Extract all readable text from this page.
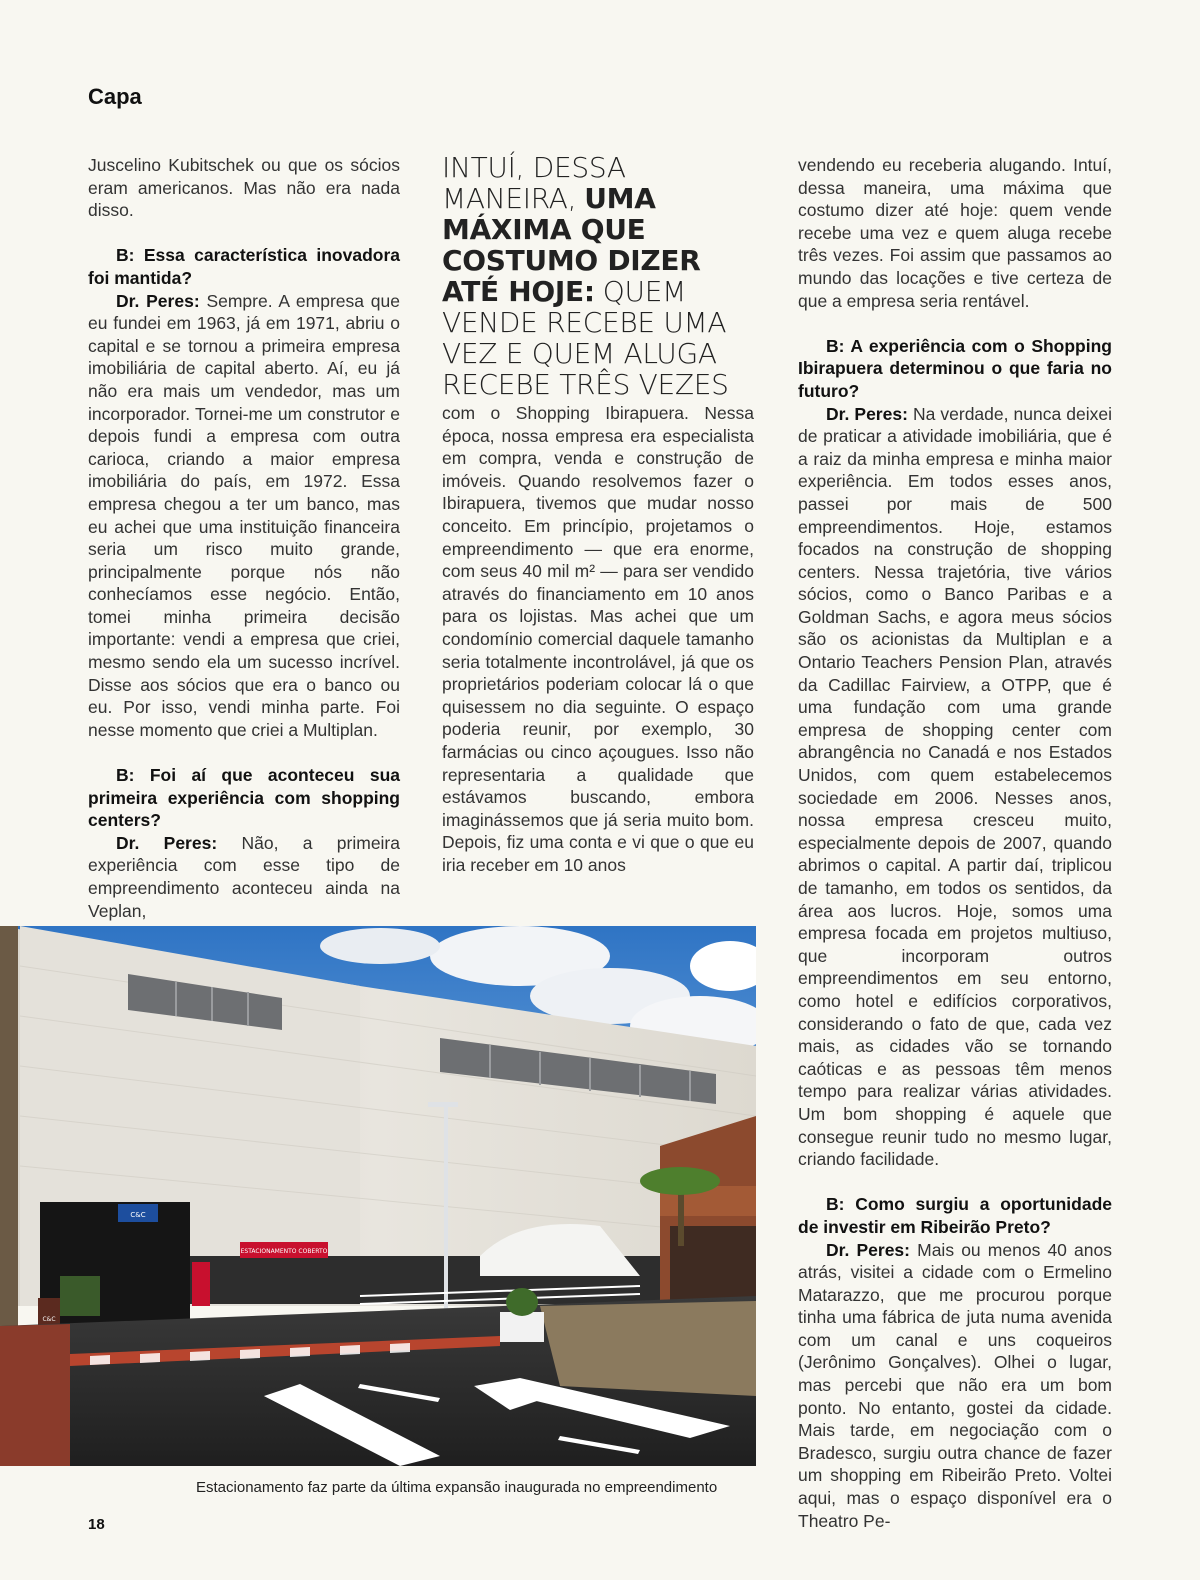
Capa

Juscelino Kubitschek ou que os sócios eram americanos. Mas não era nada disso.

B: Essa característica inovadora foi mantida?

Dr. Peres: Sempre. A empresa que eu fundei em 1963, já em 1971, abriu o capital e se tornou a primeira empresa imobiliária de capital aberto. Aí, eu já não era mais um vendedor, mas um incorporador. Tornei-me um construtor e depois fundi a empresa com outra carioca, criando a maior empresa imobiliária do país, em 1972. Essa empresa chegou a ter um banco, mas eu achei que uma instituição financeira seria um risco muito grande, principalmente porque nós não conhecíamos esse negócio. Então, tomei minha primeira decisão importante: vendi a empresa que criei, mesmo sendo ela um sucesso incrível. Disse aos sócios que era o banco ou eu. Por isso, vendi minha parte. Foi nesse momento que criei a Multiplan.

B: Foi aí que aconteceu sua primeira experiência com shopping centers?

Dr. Peres: Não, a primeira experiência com esse tipo de empreendimento aconteceu ainda na Veplan,

INTUÍ, DESSA MANEIRA, UMA MÁXIMA QUE COSTUMO DIZER ATÉ HOJE: QUEM VENDE RECEBE UMA VEZ E QUEM ALUGA RECEBE TRÊS VEZES

com o Shopping Ibirapuera. Nessa época, nossa empresa era especialista em compra, venda e construção de imóveis. Quando resolvemos fazer o Ibirapuera, tivemos que mudar nosso conceito. Em princípio, projetamos o empreendimento — que era enorme, com seus 40 mil m² — para ser vendido através do financiamento em 10 anos para os lojistas. Mas achei que um condomínio comercial daquele tamanho seria totalmente incontrolável, já que os proprietários poderiam colocar lá o que quisessem no dia seguinte. O espaço poderia reunir, por exemplo, 30 farmácias ou cinco açougues. Isso não representaria a qualidade que estávamos buscando, embora imaginássemos que já seria muito bom. Depois, fiz uma conta e vi que o que eu iria receber em 10 anos

vendendo eu receberia alugando. Intuí, dessa maneira, uma máxima que costumo dizer até hoje: quem vende recebe uma vez e quem aluga recebe três vezes. Foi assim que passamos ao mundo das locações e tive certeza de que a empresa seria rentável.

B: A experiência com o Shopping Ibirapuera determinou o que faria no futuro?

Dr. Peres: Na verdade, nunca deixei de praticar a atividade imobiliária, que é a raiz da minha empresa e minha maior experiência. Em todos esses anos, passei por mais de 500 empreendimentos. Hoje, estamos focados na construção de shopping centers. Nessa trajetória, tive vários sócios, como o Banco Paribas e a Goldman Sachs, e agora meus sócios são os acionistas da Multiplan e a Ontario Teachers Pension Plan, através da Cadillac Fairview, a OTPP, que é uma fundação com uma grande empresa de shopping center com abrangência no Canadá e nos Estados Unidos, com quem estabelecemos sociedade em 2006. Nesses anos, nossa empresa cresceu muito, especialmente depois de 2007, quando abrimos o capital. A partir daí, triplicou de tamanho, em todos os sentidos, da área aos lucros. Hoje, somos uma empresa focada em projetos multiuso, que incorporam outros empreendimentos em seu entorno, como hotel e edifícios corporativos, considerando o fato de que, cada vez mais, as cidades vão se tornando caóticas e as pessoas têm menos tempo para realizar várias atividades. Um bom shopping é aquele que consegue reunir tudo no mesmo lugar, criando facilidade.

B: Como surgiu a oportunidade de investir em Ribeirão Preto?

Dr. Peres: Mais ou menos 40 anos atrás, visitei a cidade com o Ermelino Matarazzo, que me procurou porque tinha uma fábrica de juta numa avenida com um canal e uns coqueiros (Jerônimo Gonçalves). Olhei o lugar, mas percebi que não era um bom ponto. No entanto, gostei da cidade. Mais tarde, em negociação com o Bradesco, surgiu outra chance de fazer um shopping em Ribeirão Preto. Voltei aqui, mas o espaço disponível era o Theatro Pe-

C&C
ESTACIONAMENTO COBERTO
C&C
Estacionamento faz parte da última expansão inaugurada no empreendimento
18
